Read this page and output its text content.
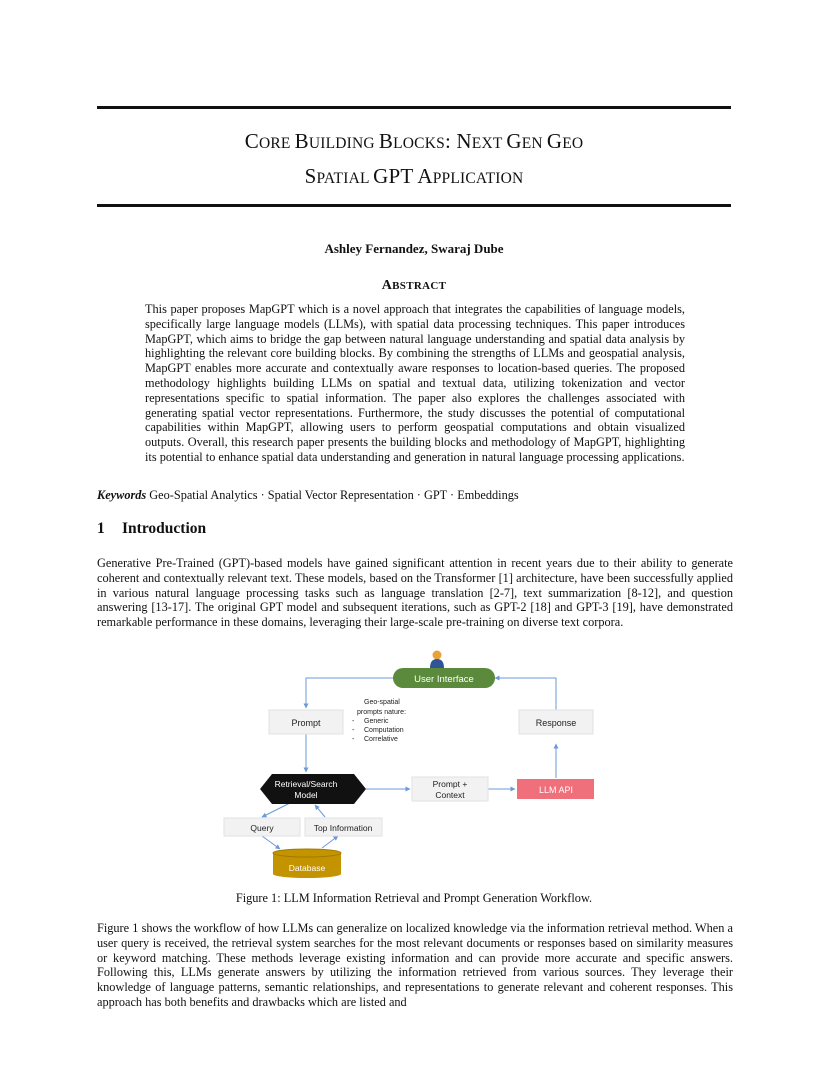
CORE BUILDING BLOCKS: NEXT GEN GEO
SPATIAL GPT APPLICATION
Ashley Fernandez, Swaraj Dube
ABSTRACT
This paper proposes MapGPT which is a novel approach that integrates the capabilities of language models, specifically large language models (LLMs), with spatial data processing techniques. This paper introduces MapGPT, which aims to bridge the gap between natural language understanding and spatial data analysis by highlighting the relevant core building blocks. By combining the strengths of LLMs and geospatial analysis, MapGPT enables more accurate and contextually aware responses to location-based queries. The proposed methodology highlights building LLMs on spatial and textual data, utilizing tokenization and vector representations specific to spatial information. The paper also explores the challenges associated with generating spatial vector representations. Furthermore, the study discusses the potential of computational capabilities within MapGPT, allowing users to perform geospatial computations and obtain visualized outputs. Overall, this research paper presents the building blocks and methodology of MapGPT, highlighting its potential to enhance spatial data understanding and generation in natural language processing applications.
Keywords Geo-Spatial Analytics · Spatial Vector Representation · GPT · Embeddings
1 Introduction
Generative Pre-Trained (GPT)-based models have gained significant attention in recent years due to their ability to generate coherent and contextually relevant text. These models, based on the Transformer [1] architecture, have been successfully applied in various natural language processing tasks such as language translation [2-7], text summarization [8-12], and question answering [13-17]. The original GPT model and subsequent iterations, such as GPT-2 [18] and GPT-3 [19], have demonstrated remarkable performance in these domains, leveraging their large-scale pre-training on diverse text corpora.
User Interface
Prompt
Geo-spatial
prompts nature:
- Generic
- Computation
- Correlative
Response
Retrieval/Search
Model
Prompt +
Context	LLM API
Query	Top Information
Database
Figure 1: LLM Information Retrieval and Prompt Generation Workflow.
Figure 1 shows the workflow of how LLMs can generalize on localized knowledge via the information retrieval method. When a user query is received, the retrieval system searches for the most relevant documents or responses based on similarity measures or keyword matching. These methods leverage existing information and can provide more accurate and specific answers. Following this, LLMs generate answers by utilizing the information retrieved from various sources. They leverage their knowledge of language patterns, semantic relationships, and representations to generate relevant and coherent responses. This approach has both benefits and drawbacks which are listed and
